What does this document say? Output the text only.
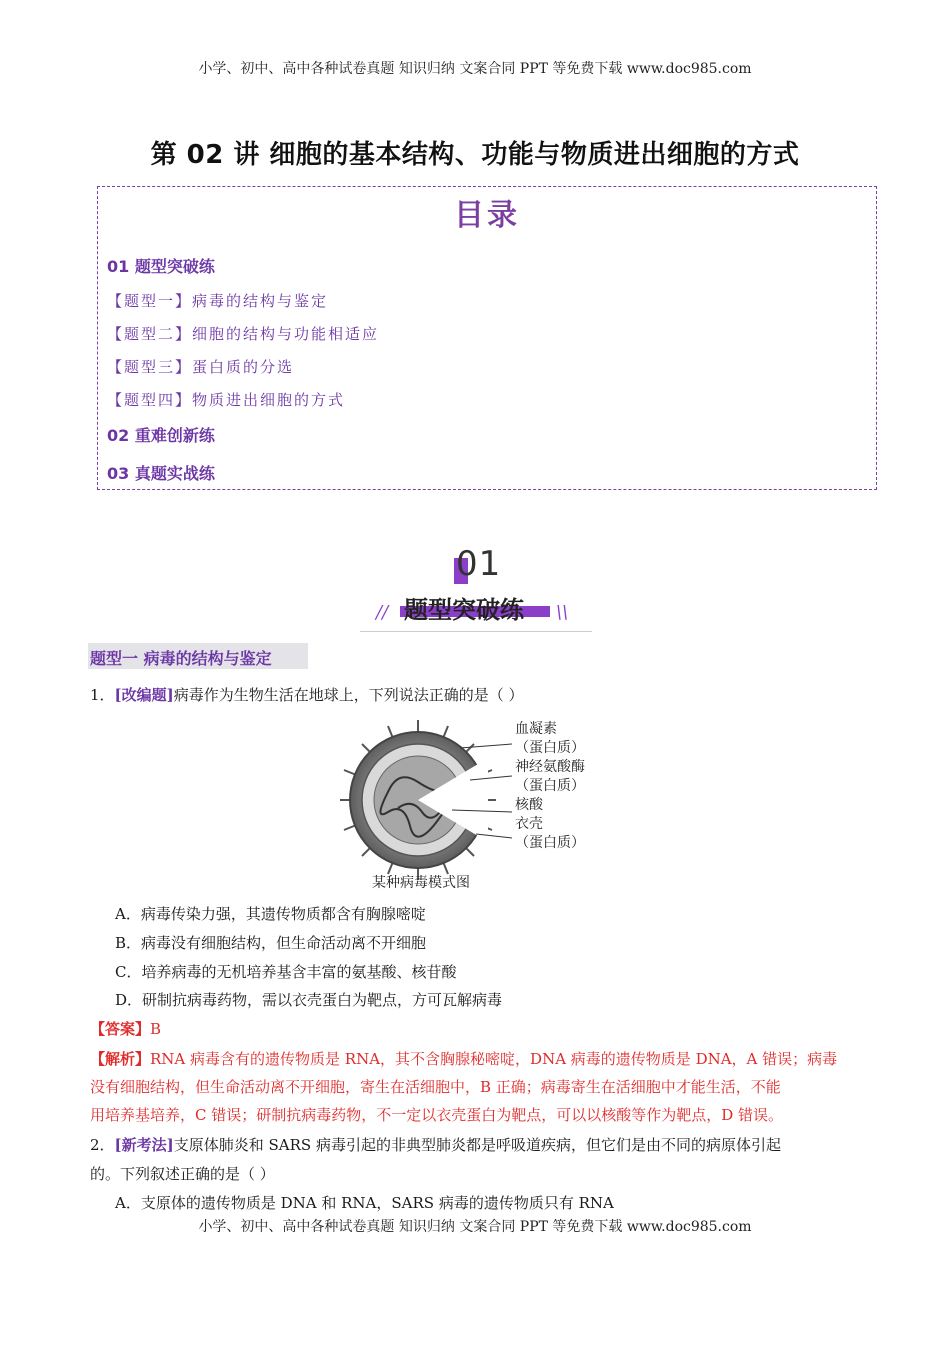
小学、初中、高中各种试卷真题 知识归纳 文案合同 PPT 等免费下载 www.doc985.com
第 02 讲 细胞的基本结构、功能与物质进出细胞的方式
目录
01 题型突破练
【题型一】病毒的结构与鉴定
【题型二】细胞的结构与功能相适应
【题型三】蛋白质的分选
【题型四】物质进出细胞的方式
02 重难创新练
03 真题实战练
01
题型突破练
//	\\
题型一 病毒的结构与鉴定
1．[改编题]病毒作为生物生活在地球上，下列说法正确的是（ ）
血凝素
（蛋白质）
神经氨酸酶
（蛋白质）
核酸
衣壳
（蛋白质）
某种病毒模式图
A．病毒传染力强，其遗传物质都含有胸腺嘧啶
B．病毒没有细胞结构，但生命活动离不开细胞
C．培养病毒的无机培养基含丰富的氨基酸、核苷酸
D．研制抗病毒药物，需以衣壳蛋白为靶点，方可瓦解病毒
【答案】B
【解析】RNA 病毒含有的遗传物质是 RNA，其不含胸腺秘嘧啶，DNA 病毒的遗传物质是 DNA，A 错误；病毒
没有细胞结构，但生命活动离不开细胞，寄生在活细胞中，B 正确；病毒寄生在活细胞中才能生活，不能
用培养基培养，C 错误；研制抗病毒药物，不一定以衣壳蛋白为靶点，可以以核酸等作为靶点，D 错误。
2．[新考法]支原体肺炎和 SARS 病毒引起的非典型肺炎都是呼吸道疾病，但它们是由不同的病原体引起
的。下列叙述正确的是（ ）
A．支原体的遗传物质是 DNA 和 RNA，SARS 病毒的遗传物质只有 RNA
小学、初中、高中各种试卷真题 知识归纳 文案合同 PPT 等免费下载 www.doc985.com
